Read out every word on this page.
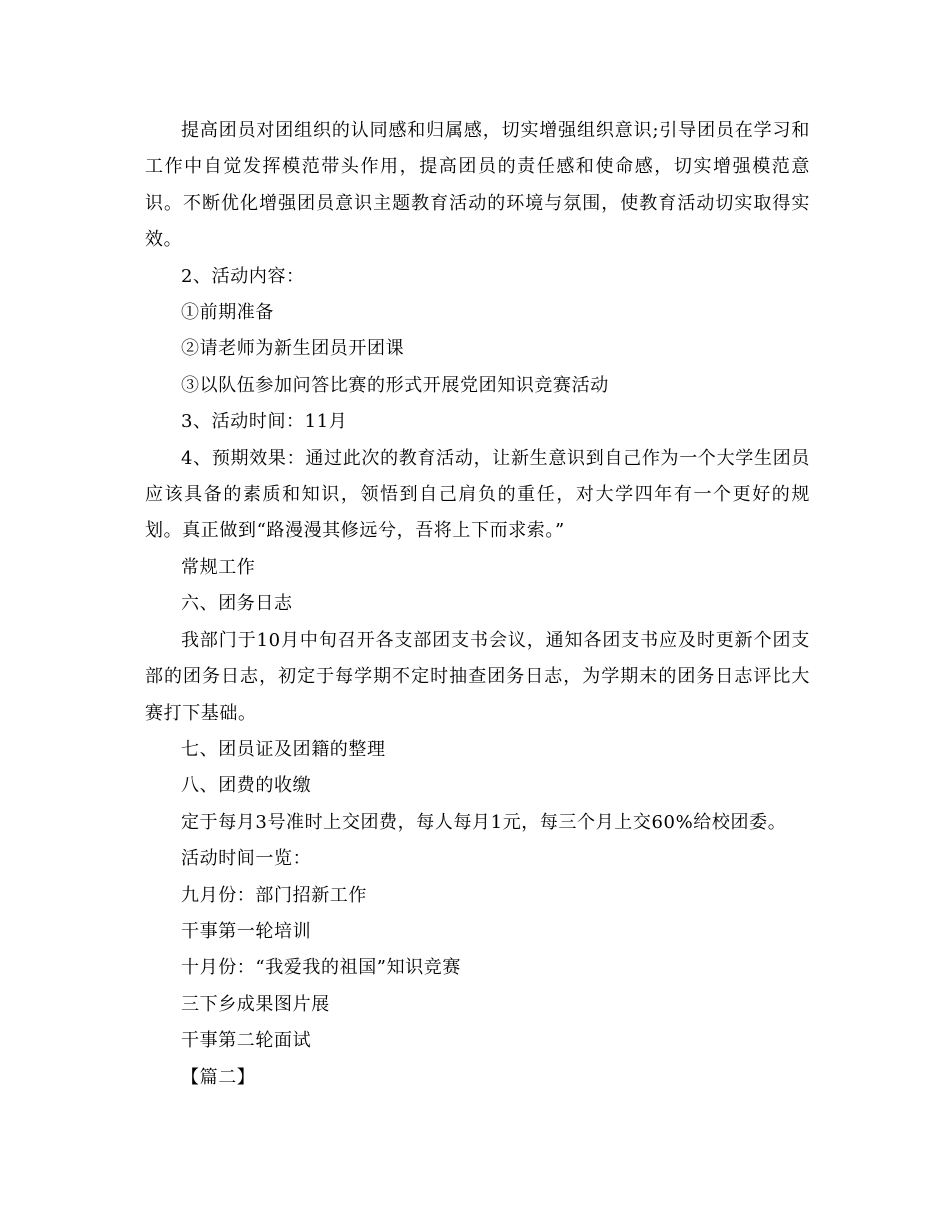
提高团员对团组织的认同感和归属感，切实增强组织意识;引导团员在学习和工作中自觉发挥模范带头作用，提高团员的责任感和使命感，切实增强模范意识。不断优化增强团员意识主题教育活动的环境与氛围，使教育活动切实取得实效。

2、活动内容：

①前期准备

②请老师为新生团员开团课

③以队伍参加问答比赛的形式开展党团知识竞赛活动

3、活动时间：11月

4、预期效果：通过此次的教育活动，让新生意识到自己作为一个大学生团员应该具备的素质和知识，领悟到自己肩负的重任，对大学四年有一个更好的规划。真正做到“路漫漫其修远兮，吾将上下而求索。”

常规工作

六、团务日志

我部门于10月中旬召开各支部团支书会议，通知各团支书应及时更新个团支部的团务日志，初定于每学期不定时抽查团务日志，为学期末的团务日志评比大赛打下基础。

七、团员证及团籍的整理

八、团费的收缴

定于每月3号准时上交团费，每人每月1元，每三个月上交60%给校团委。

活动时间一览：

九月份：部门招新工作

干事第一轮培训

十月份：“我爱我的祖国”知识竞赛

三下乡成果图片展

干事第二轮面试

【篇二】
